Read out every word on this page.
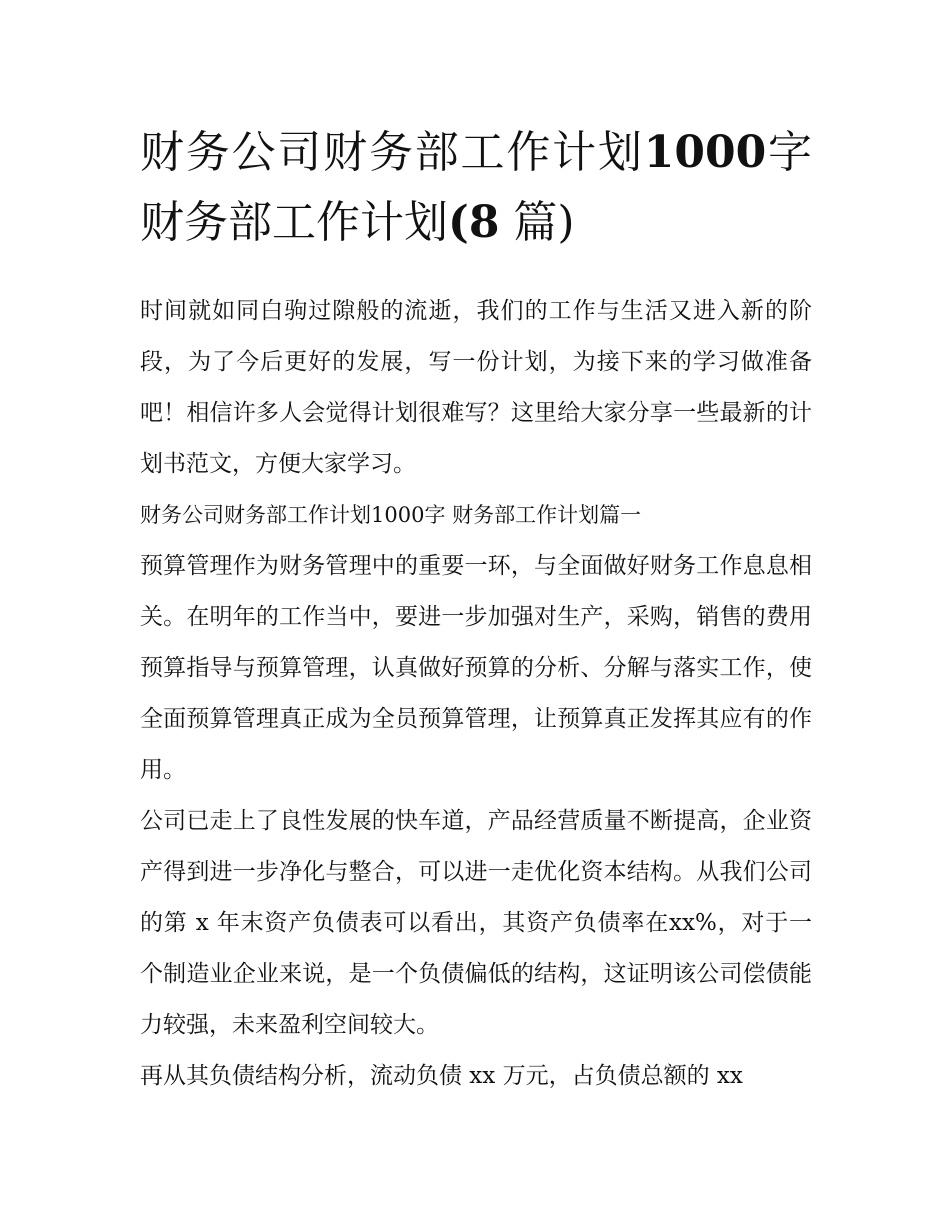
财务公司财务部工作计划1000字 财务部工作计划(8 篇)

时间就如同白驹过隙般的流逝，我们的工作与生活又进入新的阶段，为了今后更好的发展，写一份计划，为接下来的学习做准备吧！相信许多人会觉得计划很难写？这里给大家分享一些最新的计划书范文，方便大家学习。

财务公司财务部工作计划1000字 财务部工作计划篇一

预算管理作为财务管理中的重要一环，与全面做好财务工作息息相关。在明年的工作当中，要进一步加强对生产，采购，销售的费用预算指导与预算管理，认真做好预算的分析、分解与落实工作，使全面预算管理真正成为全员预算管理，让预算真正发挥其应有的作用。

公司已走上了良性发展的快车道，产品经营质量不断提高，企业资产得到进一步净化与整合，可以进一走优化资本结构。从我们公司的第 x 年末资产负债表可以看出，其资产负债率在xx%，对于一个制造业企业来说，是一个负债偏低的结构，这证明该公司偿债能力较强，未来盈利空间较大。

再从其负债结构分析，流动负债 xx 万元，占负债总额的 xx
